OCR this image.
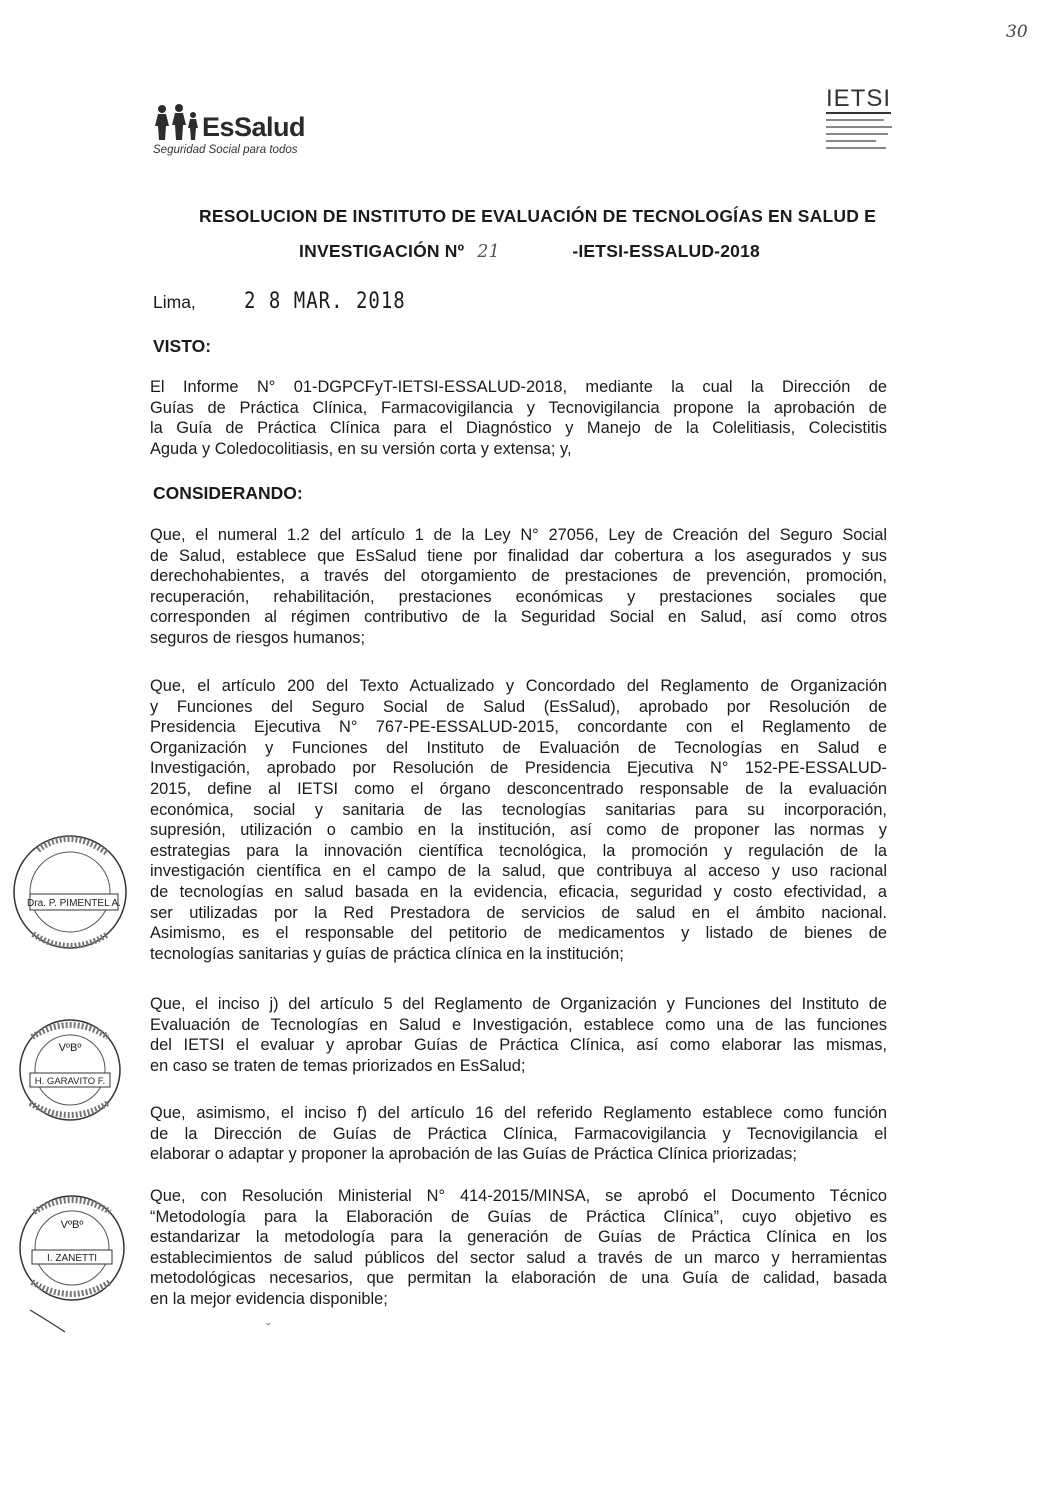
30
EsSalud
Seguridad Social para todos
IETSI
RESOLUCION DE INSTITUTO DE EVALUACIÓN DE TECNOLOGÍAS EN SALUD E
INVESTIGACIÓN Nº 21	-IETSI-ESSALUD-2018
Lima,	2 8 MAR. 2018
VISTO:
El Informe N° 01-DGPCFyT-IETSI-ESSALUD-2018, mediante la cual la Dirección de
Guías de Práctica Clínica, Farmacovigilancia y Tecnovigilancia propone la aprobación de
la Guía de Práctica Clínica para el Diagnóstico y Manejo de la Colelitiasis, Colecistitis
Aguda y Coledocolitiasis, en su versión corta y extensa; y,
CONSIDERANDO:
Que, el numeral 1.2 del artículo 1 de la Ley N° 27056, Ley de Creación del Seguro Social
de Salud, establece que EsSalud tiene por finalidad dar cobertura a los asegurados y sus
derechohabientes, a través del otorgamiento de prestaciones de prevención, promoción,
recuperación, rehabilitación, prestaciones económicas y prestaciones sociales que
corresponden al régimen contributivo de la Seguridad Social en Salud, así como otros
seguros de riesgos humanos;
Que, el artículo 200 del Texto Actualizado y Concordado del Reglamento de Organización
y Funciones del Seguro Social de Salud (EsSalud), aprobado por Resolución de
Presidencia Ejecutiva N° 767-PE-ESSALUD-2015, concordante con el Reglamento de
Organización y Funciones del Instituto de Evaluación de Tecnologías en Salud e
Investigación, aprobado por Resolución de Presidencia Ejecutiva N° 152-PE-ESSALUD-
2015, define al IETSI como el órgano desconcentrado responsable de la evaluación
económica, social y sanitaria de las tecnologías sanitarias para su incorporación,
supresión, utilización o cambio en la institución, así como de proponer las normas y
estrategias para la innovación científica tecnológica, la promoción y regulación de la
investigación científica en el campo de la salud, que contribuya al acceso y uso racional
de tecnologías en salud basada en la evidencia, eficacia, seguridad y costo efectividad, a
ser utilizadas por la Red Prestadora de servicios de salud en el ámbito nacional.
Asimismo, es el responsable del petitorio de medicamentos y listado de bienes de
tecnologías sanitarias y guías de práctica clínica en la institución;
Que, el inciso j) del artículo 5 del Reglamento de Organización y Funciones del Instituto de
Evaluación de Tecnologías en Salud e Investigación, establece como una de las funciones
del IETSI el evaluar y aprobar Guías de Práctica Clínica, así como elaborar las mismas,
en caso se traten de temas priorizados en EsSalud;
Que, asimismo, el inciso f) del artículo 16 del referido Reglamento establece como función
de la Dirección de Guías de Práctica Clínica, Farmacovigilancia y Tecnovigilancia el
elaborar o adaptar y proponer la aprobación de las Guías de Práctica Clínica priorizadas;
Que, con Resolución Ministerial N° 414-2015/MINSA, se aprobó el Documento Técnico
“Metodología para la Elaboración de Guías de Práctica Clínica”, cuyo objetivo es
estandarizar la metodología para la generación de Guías de Práctica Clínica en los
establecimientos de salud públicos del sector salud a través de un marco y herramientas
metodológicas necesarios, que permitan la elaboración de una Guía de calidad, basada
en la mejor evidencia disponible;
Dra. P. PIMENTEL A.
VºBº
H. GARAVITO F.
VºBº
I. ZANETTI
ˇ
